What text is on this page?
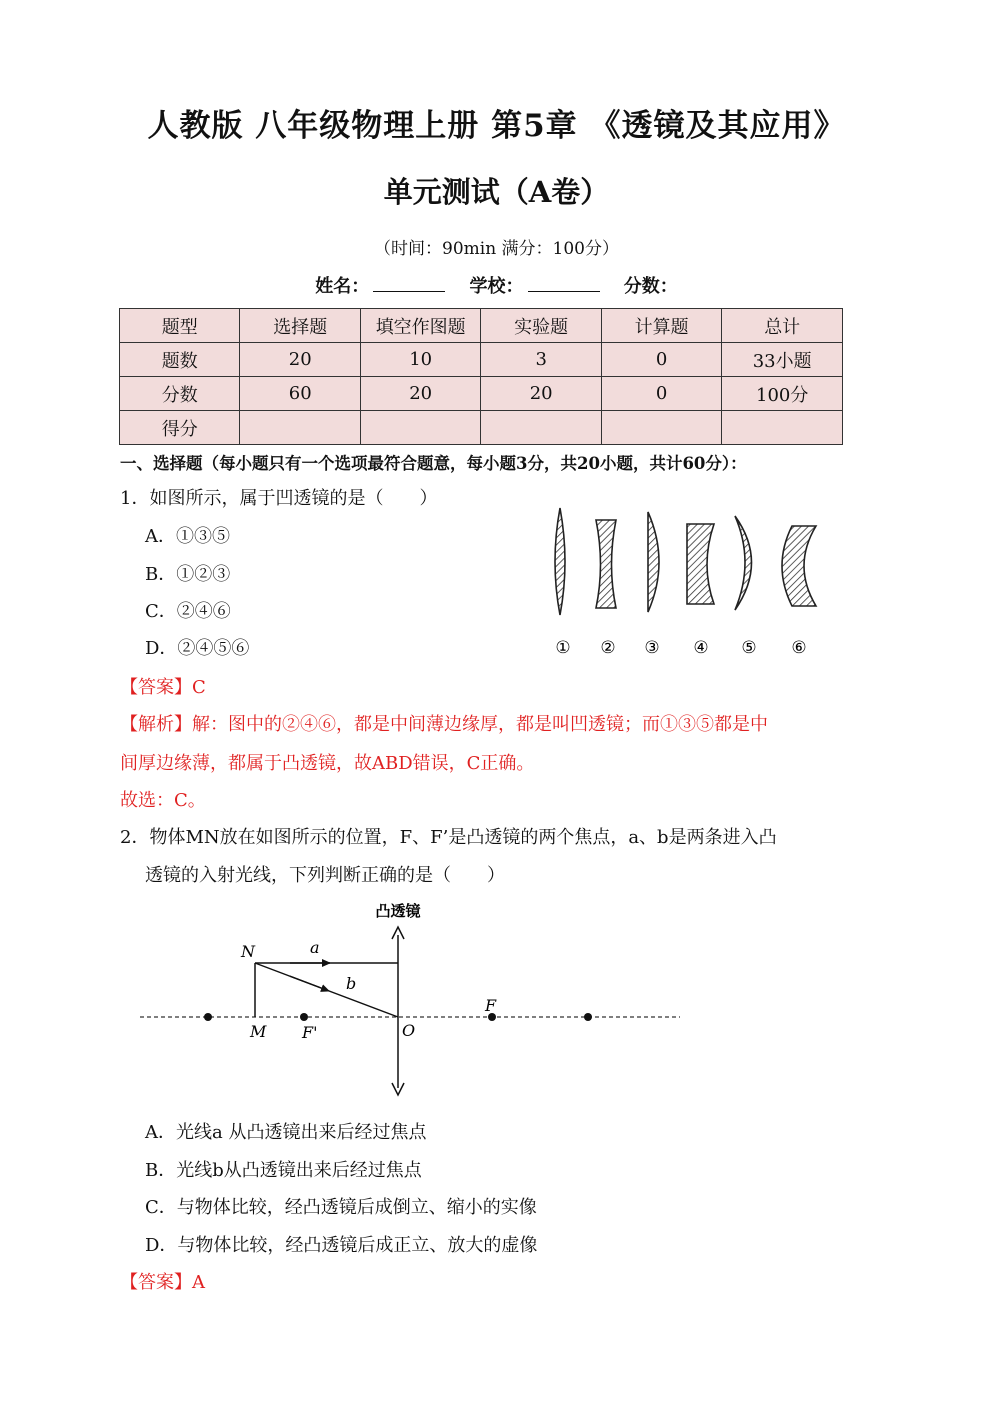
人教版 八年级物理上册 第5章 《透镜及其应用》
单元测试（A卷）
（时间：90min 满分：100分）
姓名：	学校：	分数：
题型	选择题	填空作图题	实验题	计算题	总计
题数	20	10	3	0	33小题
分数	60	20	20	0	100分
得分					
一、选择题（每小题只有一个选项最符合题意，每小题3分，共20小题，共计60分）：
1．如图所示，属于凹透镜的是（　　）
A．①③⑤
B．①②③
C．②④⑥
D．②④⑤⑥	① ② ③ ④ ⑤ ⑥
【答案】C
【解析】解：图中的②④⑥，都是中间薄边缘厚，都是叫凹透镜；而①③⑤都是中
间厚边缘薄，都属于凸透镜，故ABD错误，C正确。
故选：C。
2．物体MN放在如图所示的位置，F、F’是凸透镜的两个焦点，a、b是两条进入凸
透镜的入射光线，下列判断正确的是（　　）
凸透镜
N
M
a
b
F'	O
F
A．光线a 从凸透镜出来后经过焦点
B．光线b从凸透镜出来后经过焦点
C．与物体比较，经凸透镜后成倒立、缩小的实像
D．与物体比较，经凸透镜后成正立、放大的虚像
【答案】A
